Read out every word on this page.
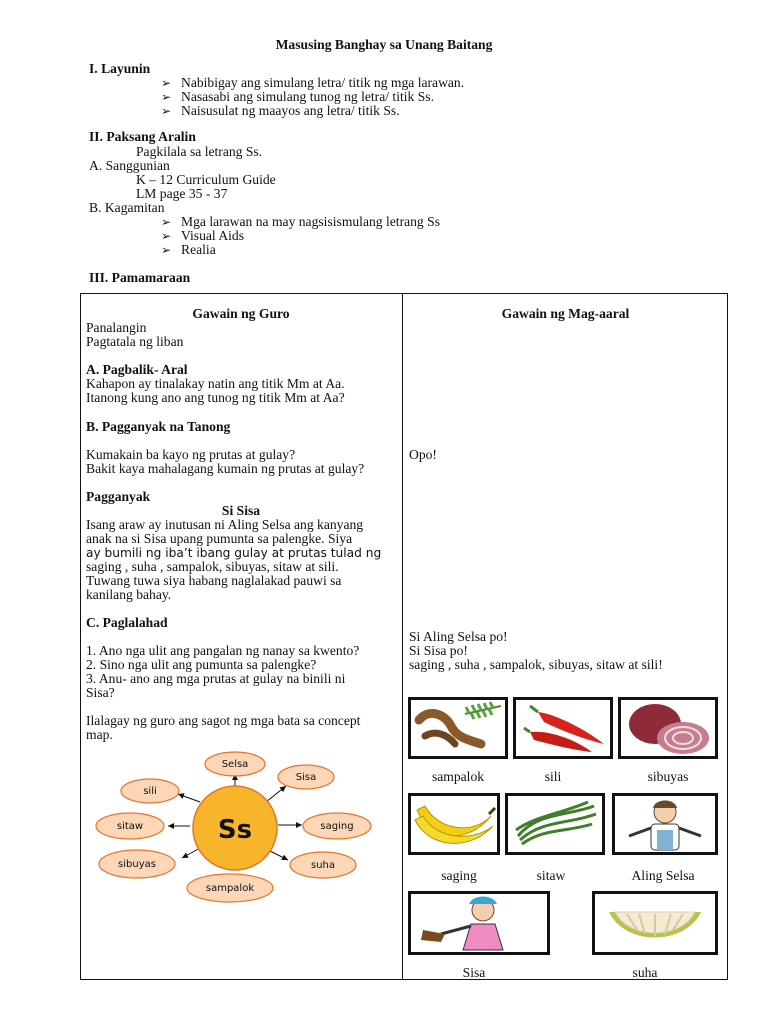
Masusing Banghay sa Unang Baitang
I. Layunin
➢ Nabibigay ang simulang letra/ titik ng mga larawan.
➢ Nasasabi ang simulang tunog ng letra/ titik Ss.
➢ Naisusulat ng maayos ang letra/ titik Ss.
II. Paksang Aralin
Pagkilala sa letrang Ss.
A. Sanggunian
K – 12 Curriculum Guide
LM page 35 - 37
B. Kagamitan
➢ Mga larawan na may nagsisismulang letrang Ss
➢ Visual Aids
➢ Realia
III. Pamamaraan
Gawain ng Guro	Gawain ng Mag-aaral
Panalangin
Pagtatala ng liban
A. Pagbalik- Aral
Kahapon ay tinalakay natin ang titik Mm at Aa.
Itanong kung ano ang tunog ng titik Mm at Aa?
B. Pagganyak na Tanong
Kumakain ba kayo ng prutas at gulay?
Bakit kaya mahalagang kumain ng prutas at gulay?
Pagganyak
Si Sisa
Isang araw ay inutusan ni Aling Selsa ang kanyang
anak na si Sisa upang pumunta sa palengke. Siya
ay bumili ng iba’t ibang gulay at prutas tulad ng
saging , suha , sampalok, sibuyas, sitaw at sili.
Tuwang tuwa siya habang naglalakad pauwi sa
kanilang bahay.
C. Paglalahad
1. Ano nga ulit ang pangalan ng nanay sa kwento?
2. Sino nga ulit ang pumunta sa palengke?
3. Anu- ano ang mga prutas at gulay na binili ni
Sisa?
Ilalagay ng guro ang sagot ng mga bata sa concept
map.
Selsa
Sisa
saging
suha
sampalok
sibuyas
sitaw
sili
Ss
Opo!
Si Aling Selsa po!
Si Sisa po!
saging , suha , sampalok, sibuyas, sitaw at sili!
sampalok	sili	sibuyas
saging	sitaw	Aling Selsa
Sisa	suha
